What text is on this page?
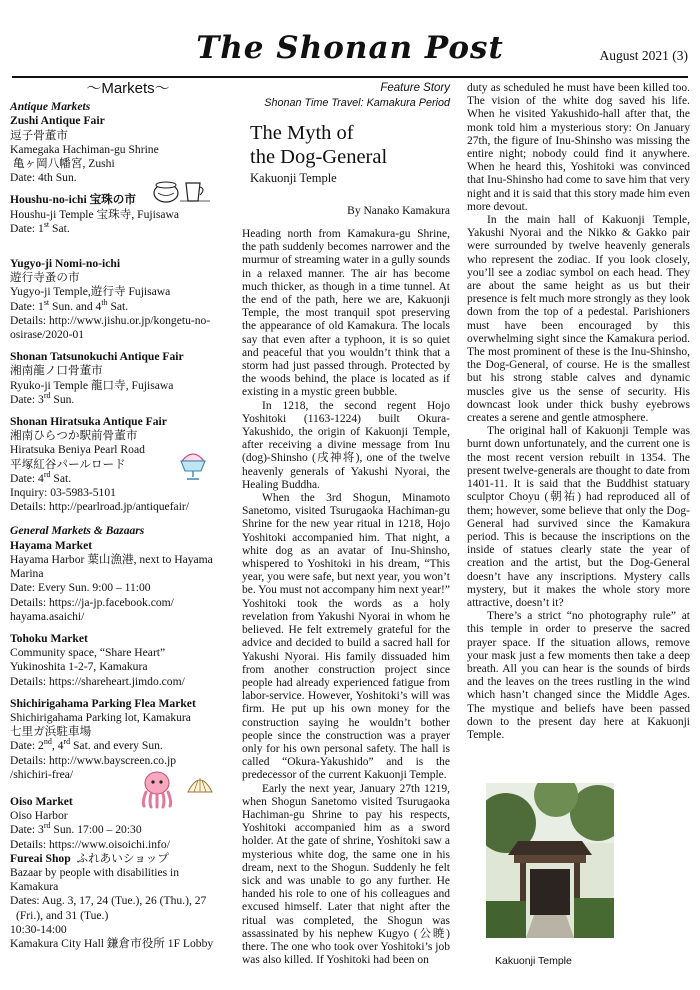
The Shonan Post	August 2021 (3)
〜Markets〜
Antique Markets
Zushi Antique Fair
逗子骨董市
Kamegaka Hachiman-gu Shrine
亀ヶ岡八幡宮, Zushi
Date: 4th Sun.
Houshu-no-ichi 宝珠の市
Houshu-ji Temple 宝珠寺, Fujisawa
Date: 1st Sat.
Yugyo-ji Nomi-no-ichi
遊行寺蚤の市
Yugyo-ji Temple,遊行寺 Fujisawa
Date: 1st Sun. and 4th Sat.
Details: http://www.jishu.or.jp/kongetu-no-
osirase/2020-01
Shonan Tatsunokuchi Antique Fair
湘南龍ノ口骨董市
Ryuko-ji Temple 龍口寺, Fujisawa
Date: 3rd Sun.
Shonan Hiratsuka Antique Fair
湘南ひらつか駅前骨董市
Hiratsuka Beniya Pearl Road
平塚紅谷パールロード
Date: 4rd Sat.
Inquiry: 03-5983-5101
Details: http://pearlroad.jp/antiquefair/
General Markets & Bazaars
Hayama Market
Hayama Harbor 葉山漁港, next to Hayama
Marina
Date: Every Sun. 9:00 – 11:00
Details: https://ja-jp.facebook.com/
hayama.asaichi/
Tohoku Market
Community space, “Share Heart”
Yukinoshita 1-2-7, Kamakura
Details: https://shareheart.jimdo.com/
Shichirigahama Parking Flea Market
Shichirigahama Parking lot, Kamakura
七里ガ浜駐車場
Date: 2nd, 4rd Sat. and every Sun.
Details: http://www.bayscreen.co.jp
/shichiri-frea/
Oiso Market
Oiso Harbor
Date: 3rd Sun. 17:00 – 20:30
Details: https://www.oisoichi.info/
Fureai Shop ふれあいショップ
Bazaar by people with disabilities in
Kamakura
Dates: Aug. 3, 17, 24 (Tue.), 26 (Thu.), 27
(Fri.), and 31 (Tue.)
10:30-14:00
Kamakura City Hall 鎌倉市役所 1F Lobby
Feature Story
Shonan Time Travel: Kamakura Period
The Myth of
the Dog-General
Kakuonji Temple
By Nanako Kamakura

Heading north from Kamakura-gu Shrine, the path suddenly becomes narrower and the murmur of streaming water in a gully sounds in a relaxed manner. The air has become much thicker, as though in a time tunnel. At the end of the path, here we are, Kakuonji Temple, the most tranquil spot preserving the appearance of old Kamakura. The locals say that even after a typhoon, it is so quiet and peaceful that you wouldn’t think that a storm had just passed through. Protected by the woods behind, the place is located as if existing in a mystic green bubble.

In 1218, the second regent Hojo Yoshitoki (1163-1224) built Okura-Yakushido, the origin of Kakuonji Temple, after receiving a divine message from Inu (dog)-Shinsho (戌神将), one of the twelve heavenly generals of Yakushi Nyorai, the Healing Buddha.

When the 3rd Shogun, Minamoto Sanetomo, visited Tsurugaoka Hachiman-gu Shrine for the new year ritual in 1218, Hojo Yoshitoki accompanied him. That night, a white dog as an avatar of Inu-Shinsho, whispered to Yoshitoki in his dream, “This year, you were safe, but next year, you won’t be. You must not accompany him next year!” Yoshitoki took the words as a holy revelation from Yakushi Nyorai in whom he believed. He felt extremely grateful for the advice and decided to build a sacred hall for Yakushi Nyorai. His family dissuaded him from another construction project since people had already experienced fatigue from labor-service. However, Yoshitoki’s will was firm. He put up his own money for the construction saying he wouldn’t bother people since the construction was a prayer only for his own personal safety. The hall is called “Okura-Yakushido” and is the predecessor of the current Kakuonji Temple.

Early the next year, January 27th 1219, when Shogun Sanetomo visited Tsurugaoka Hachiman-gu Shrine to pay his respects, Yoshitoki accompanied him as a sword holder. At the gate of shrine, Yoshitoki saw a mysterious white dog, the same one in his dream, next to the Shogun. Suddenly he felt sick and was unable to go any further. He handed his role to one of his colleagues and excused himself. Later that night after the ritual was completed, the Shogun was assassinated by his nephew Kugyo (公暁) there. The one who took over Yoshitoki’s job was also killed. If Yoshitoki had been on

duty as scheduled he must have been killed too. The vision of the white dog saved his life. When he visited Yakushido-hall after that, the monk told him a mysterious story: On January 27th, the figure of Inu-Shinsho was missing the entire night; nobody could find it anywhere. When he heard this, Yoshitoki was convinced that Inu-Shinsho had come to save him that very night and it is said that this story made him even more devout.

In the main hall of Kakuonji Temple, Yakushi Nyorai and the Nikko & Gakko pair were surrounded by twelve heavenly generals who represent the zodiac. If you look closely, you’ll see a zodiac symbol on each head. They are about the same height as us but their presence is felt much more strongly as they look down from the top of a pedestal. Parishioners must have been encouraged by this overwhelming sight since the Kamakura period. The most prominent of these is the Inu-Shinsho, the Dog-General, of course. He is the smallest but his strong stable calves and dynamic muscles give us the sense of security. His downcast look under thick bushy eyebrows creates a serene and gentle atmosphere.

The original hall of Kakuonji Temple was burnt down unfortunately, and the current one is the most recent version rebuilt in 1354. The present twelve-generals are thought to date from 1401-11. It is said that the Buddhist statuary sculptor Choyu (朝祐) had reproduced all of them; however, some believe that only the Dog-General had survived since the Kamakura period. This is because the inscriptions on the inside of statues clearly state the year of creation and the artist, but the Dog-General doesn’t have any inscriptions. Mystery calls mystery, but it makes the whole story more attractive, doesn’t it?

There’s a strict “no photography rule” at this temple in order to preserve the sacred prayer space. If the situation allows, remove your mask just a few moments then take a deep breath. All you can hear is the sounds of birds and the leaves on the trees rustling in the wind which hasn’t changed since the Middle Ages. The mystique and beliefs have been passed down to the present day here at Kakuonji Temple.

Kakuonji Temple
